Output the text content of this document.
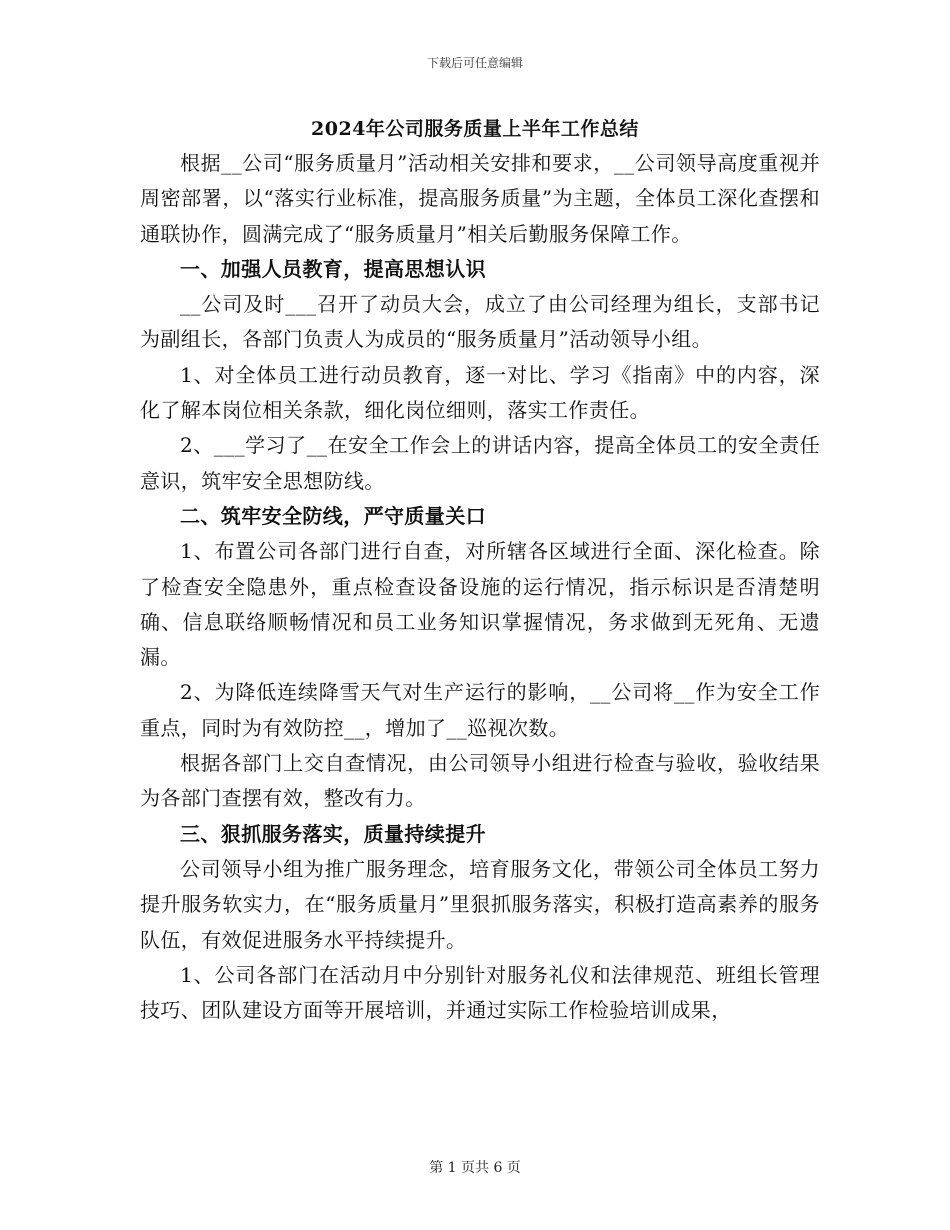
下载后可任意编辑
2024年公司服务质量上半年工作总结

根据__公司“服务质量月”活动相关安排和要求，__公司领导高度重视并周密部署，以“落实行业标准，提高服务质量”为主题，全体员工深化查摆和通联协作，圆满完成了“服务质量月”相关后勤服务保障工作。

一、加强人员教育，提高思想认识

__公司及时___召开了动员大会，成立了由公司经理为组长，支部书记为副组长，各部门负责人为成员的“服务质量月”活动领导小组。

1、对全体员工进行动员教育，逐一对比、学习《指南》中的内容，深化了解本岗位相关条款，细化岗位细则，落实工作责任。

2、___学习了__在安全工作会上的讲话内容，提高全体员工的安全责任意识，筑牢安全思想防线。

二、筑牢安全防线，严守质量关口

1、布置公司各部门进行自查，对所辖各区域进行全面、深化检查。除了检查安全隐患外，重点检查设备设施的运行情况，指示标识是否清楚明确、信息联络顺畅情况和员工业务知识掌握情况，务求做到无死角、无遗漏。

2、为降低连续降雪天气对生产运行的影响，__公司将__作为安全工作重点，同时为有效防控__，增加了__巡视次数。

根据各部门上交自查情况，由公司领导小组进行检查与验收，验收结果为各部门查摆有效，整改有力。

三、狠抓服务落实，质量持续提升

公司领导小组为推广服务理念，培育服务文化，带领公司全体员工努力提升服务软实力，在“服务质量月”里狠抓服务落实，积极打造高素养的服务队伍，有效促进服务水平持续提升。

1、公司各部门在活动月中分别针对服务礼仪和法律规范、班组长管理技巧、团队建设方面等开展培训，并通过实际工作检验培训成果，

第 1 页共 6 页
